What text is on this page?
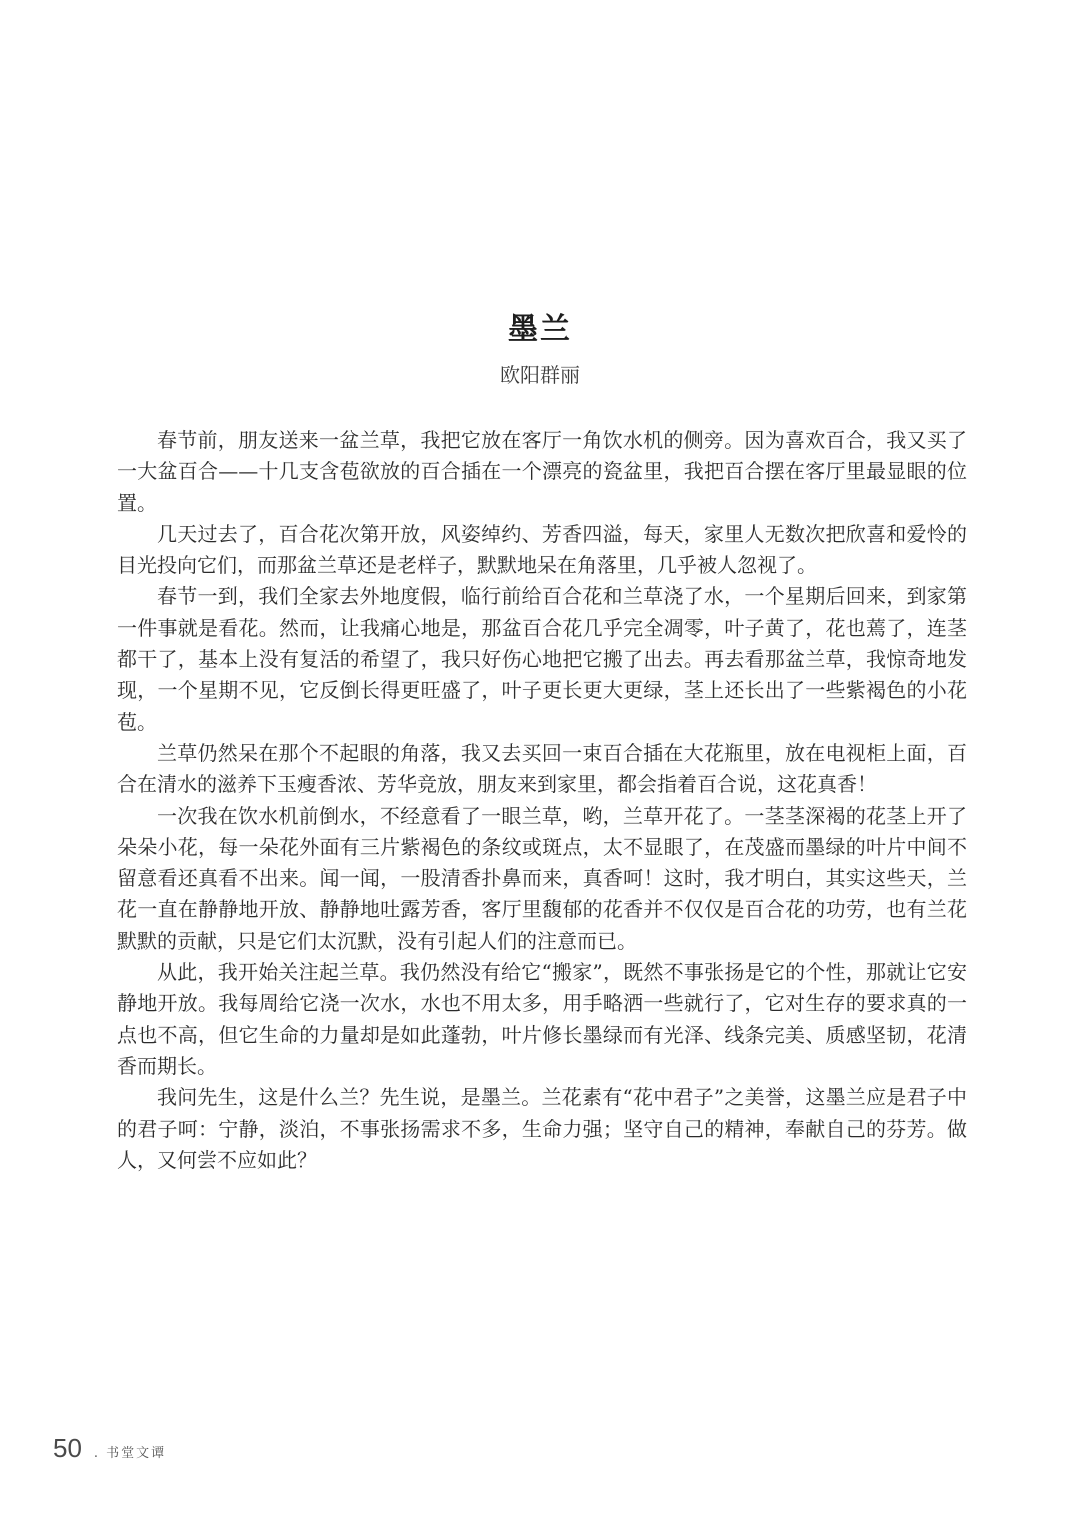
墨兰
欧阳群丽

春节前，朋友送来一盆兰草，我把它放在客厅一角饮水机的侧旁。因为喜欢百合，我又买了一大盆百合——十几支含苞欲放的百合插在一个漂亮的瓷盆里，我把百合摆在客厅里最显眼的位置。

几天过去了，百合花次第开放，风姿绰约、芳香四溢，每天，家里人无数次把欣喜和爱怜的目光投向它们，而那盆兰草还是老样子，默默地呆在角落里，几乎被人忽视了。

春节一到，我们全家去外地度假，临行前给百合花和兰草浇了水，一个星期后回来，到家第一件事就是看花。然而，让我痛心地是，那盆百合花几乎完全凋零，叶子黄了，花也蔫了，连茎都干了，基本上没有复活的希望了，我只好伤心地把它搬了出去。再去看那盆兰草，我惊奇地发现，一个星期不见，它反倒长得更旺盛了，叶子更长更大更绿，茎上还长出了一些紫褐色的小花苞。

兰草仍然呆在那个不起眼的角落，我又去买回一束百合插在大花瓶里，放在电视柜上面，百合在清水的滋养下玉瘦香浓、芳华竞放，朋友来到家里，都会指着百合说，这花真香！

一次我在饮水机前倒水，不经意看了一眼兰草，哟，兰草开花了。一茎茎深褐的花茎上开了朵朵小花，每一朵花外面有三片紫褐色的条纹或斑点，太不显眼了，在茂盛而墨绿的叶片中间不留意看还真看不出来。闻一闻，一股清香扑鼻而来，真香呵！这时，我才明白，其实这些天，兰花一直在静静地开放、静静地吐露芳香，客厅里馥郁的花香并不仅仅是百合花的功劳，也有兰花默默的贡献，只是它们太沉默，没有引起人们的注意而已。

从此，我开始关注起兰草。我仍然没有给它“搬家”，既然不事张扬是它的个性，那就让它安静地开放。我每周给它浇一次水，水也不用太多，用手略洒一些就行了，它对生存的要求真的一点也不高，但它生命的力量却是如此蓬勃，叶片修长墨绿而有光泽、线条完美、质感坚韧，花清香而期长。

我问先生，这是什么兰？先生说，是墨兰。兰花素有“花中君子”之美誉，这墨兰应是君子中的君子呵：宁静，淡泊，不事张扬需求不多，生命力强；坚守自己的精神，奉献自己的芬芳。做人，又何尝不应如此？

50 . 书堂文谭
